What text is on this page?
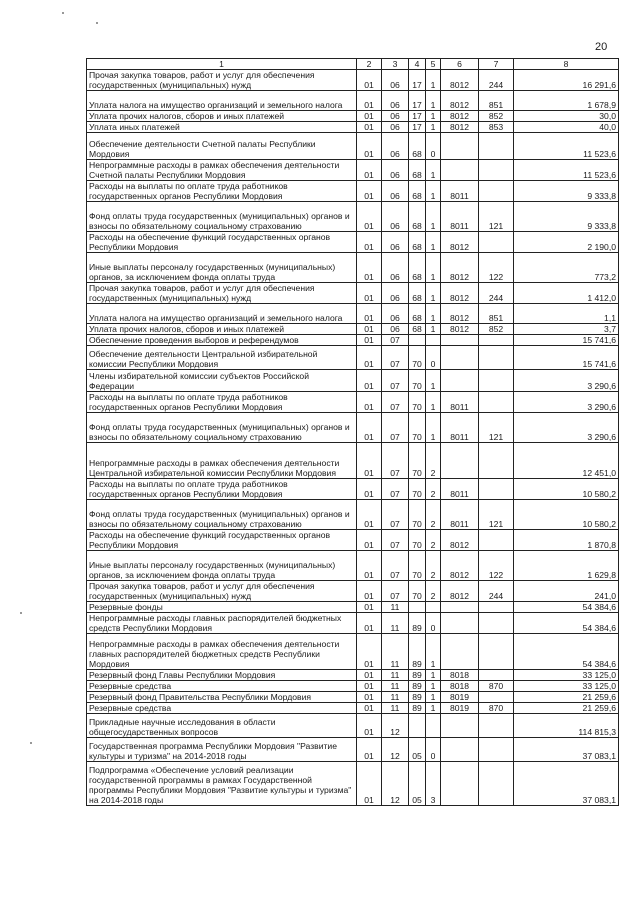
20
1	2	3	4	5	6	7	8
Прочая закупка товаров, работ и услуг для обеспечения государственных (муниципальных) нужд	01	06	17	1	8012	244	16 291,6
Уплата налога на имущество организаций и земельного налога	01	06	17	1	8012	851	1 678,9
Уплата прочих налогов, сборов и иных платежей	01	06	17	1	8012	852	30,0
Уплата иных платежей	01	06	17	1	8012	853	40,0
Обеспечение деятельности Счетной палаты Республики Мордовия	01	06	68	0			11 523,6
Непрограммные расходы в рамках обеспечения деятельности Счетной палаты Республики Мордовия	01	06	68	1			11 523,6
Расходы на выплаты по оплате труда работников государственных органов Республики Мордовия	01	06	68	1	8011		9 333,8
Фонд оплаты труда государственных (муниципальных) органов и взносы по обязательному социальному страхованию	01	06	68	1	8011	121	9 333,8
Расходы на обеспечение функций государственных органов Республики Мордовия	01	06	68	1	8012		2 190,0
Иные выплаты персоналу государственных (муниципальных) органов, за исключением фонда оплаты труда	01	06	68	1	8012	122	773,2
Прочая закупка товаров, работ и услуг для обеспечения государственных (муниципальных) нужд	01	06	68	1	8012	244	1 412,0
Уплата налога на имущество организаций и земельного налога	01	06	68	1	8012	851	1,1
Уплата прочих налогов, сборов и иных платежей	01	06	68	1	8012	852	3,7
Обеспечение проведения выборов и референдумов	01	07					15 741,6
Обеспечение деятельности Центральной избирательной комиссии Республики Мордовия	01	07	70	0			15 741,6
Члены избирательной комиссии субъектов Российской Федерации	01	07	70	1			3 290,6
Расходы на выплаты по оплате труда работников государственных органов Республики Мордовия	01	07	70	1	8011		3 290,6
Фонд оплаты труда государственных (муниципальных) органов и взносы по обязательному социальному страхованию	01	07	70	1	8011	121	3 290,6
Непрограммные расходы в рамках обеспечения деятельности Центральной избирательной комиссии Республики Мордовия	01	07	70	2			12 451,0
Расходы на выплаты по оплате труда работников государственных органов Республики Мордовия	01	07	70	2	8011		10 580,2
Фонд оплаты труда государственных (муниципальных) органов и взносы по обязательному социальному страхованию	01	07	70	2	8011	121	10 580,2
Расходы на обеспечение функций государственных органов Республики Мордовия	01	07	70	2	8012		1 870,8
Иные выплаты персоналу государственных (муниципальных) органов, за исключением фонда оплаты труда	01	07	70	2	8012	122	1 629,8
Прочая закупка товаров, работ и услуг для обеспечения государственных (муниципальных) нужд	01	07	70	2	8012	244	241,0
Резервные фонды	01	11					54 384,6
Непрограммные расходы главных распорядителей бюджетных средств Республики Мордовия	01	11	89	0			54 384,6
Непрограммные расходы в рамках обеспечения деятельности главных распорядителей бюджетных средств Республики Мордовия	01	11	89	1			54 384,6
Резервный фонд Главы Республики Мордовия	01	11	89	1	8018		33 125,0
Резервные средства	01	11	89	1	8018	870	33 125,0
Резервный фонд Правительства Республики Мордовия	01	11	89	1	8019		21 259,6
Резервные средства	01	11	89	1	8019	870	21 259,6
Прикладные научные исследования в области общегосударственных вопросов	01	12					114 815,3
Государственная программа Республики Мордовия "Развитие культуры и туризма" на 2014-2018 годы	01	12	05	0			37 083,1
Подпрограмма «Обеспечение условий реализации государственной программы в рамках Государственной программы Республики Мордовия "Развитие культуры и туризма" на 2014-2018 годы	01	12	05	3			37 083,1
